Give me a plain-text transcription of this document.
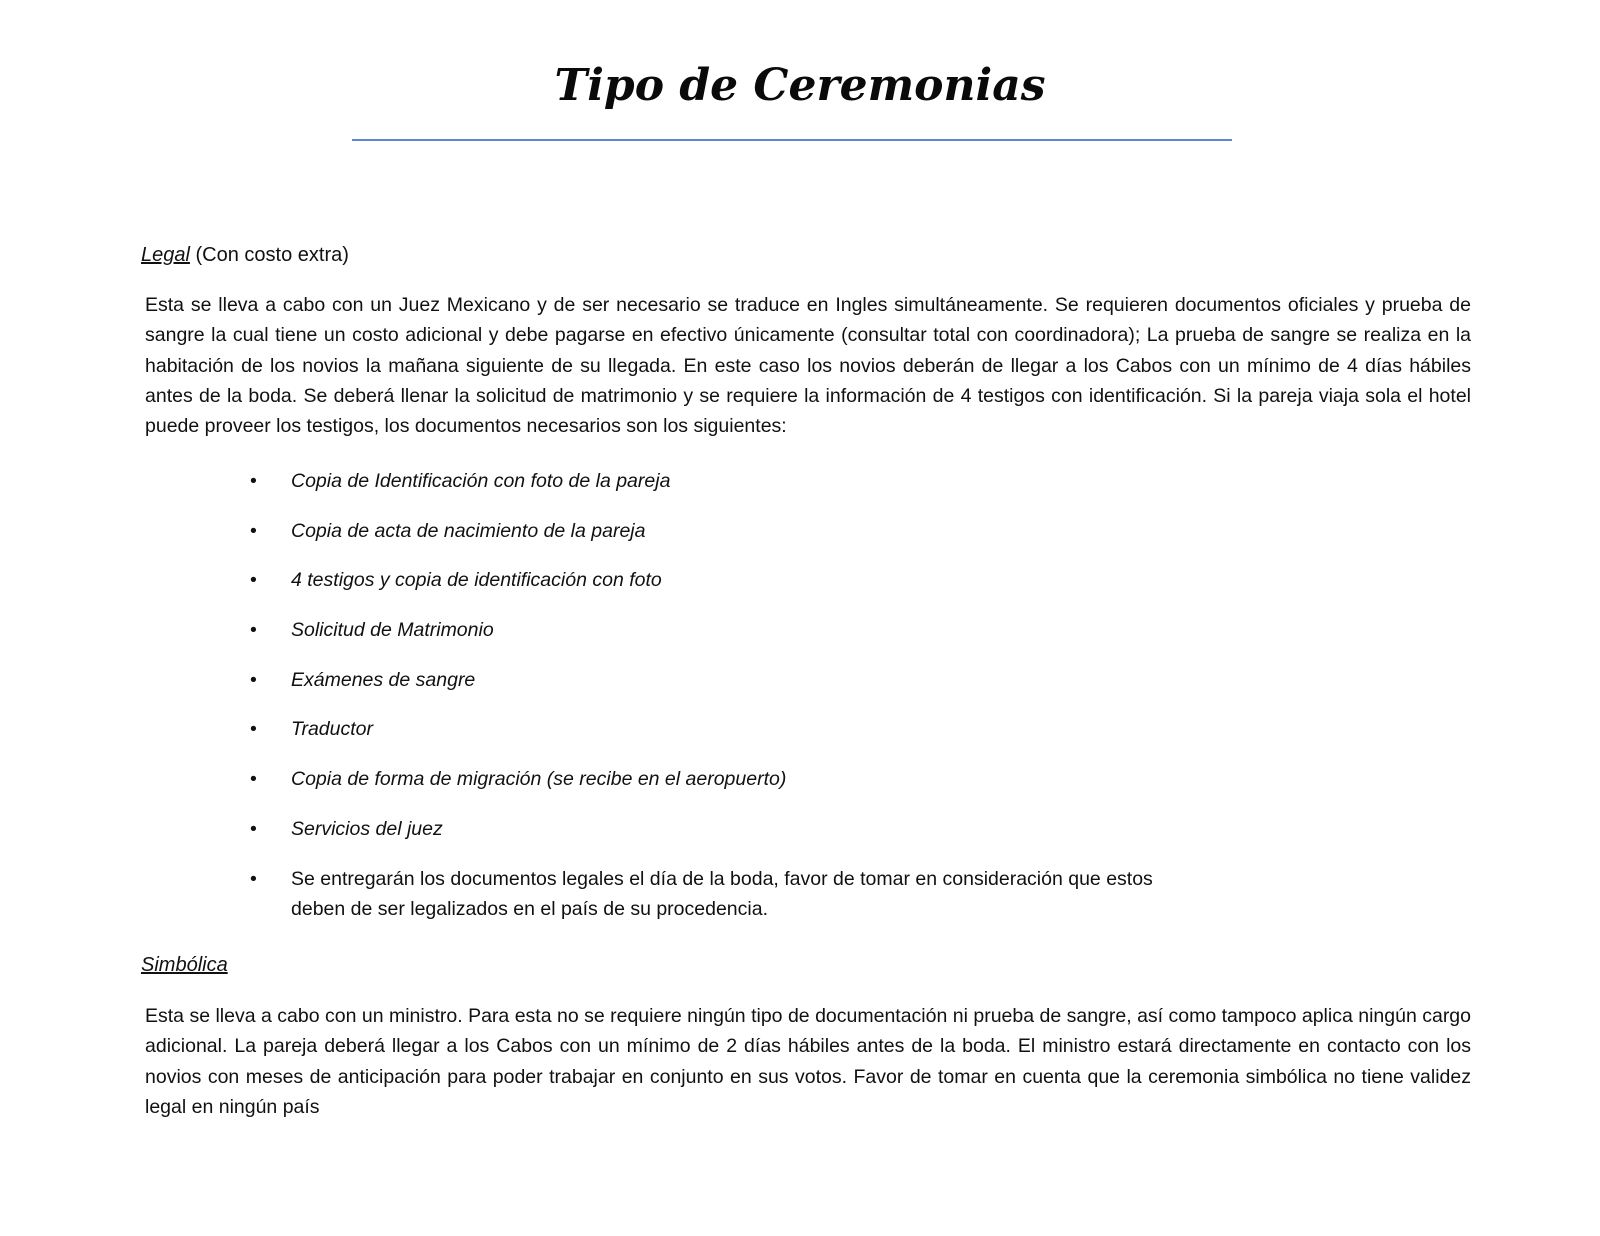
Tipo de Ceremonias
Legal (Con costo extra)
Esta se lleva a cabo con un Juez Mexicano y de ser necesario se traduce en Ingles simultáneamente. Se requieren documentos oficiales y prueba de sangre la cual tiene un costo adicional y debe pagarse en efectivo únicamente (consultar total con coordinadora); La prueba de sangre se realiza en la habitación de los novios la mañana siguiente de su llegada. En este caso los novios deberán de llegar a los Cabos con un mínimo de 4 días hábiles antes de la boda. Se deberá llenar la solicitud de matrimonio y se requiere la información de 4 testigos con identificación. Si la pareja viaja sola el hotel puede proveer los testigos, los documentos necesarios son los siguientes:
• Copia de Identificación con foto de la pareja
• Copia de acta de nacimiento de la pareja
• 4 testigos y copia de identificación con foto
• Solicitud de Matrimonio
• Exámenes de sangre
• Traductor
• Copia de forma de migración (se recibe en el aeropuerto)
• Servicios del juez
• Se entregarán los documentos legales el día de la boda, favor de tomar en consideración que estos deben de ser legalizados en el país de su procedencia.
Simbólica
Esta se lleva a cabo con un ministro. Para esta no se requiere ningún tipo de documentación ni prueba de sangre, así como tampoco aplica ningún cargo adicional. La pareja deberá llegar a los Cabos con un mínimo de 2 días hábiles antes de la boda. El ministro estará directamente en contacto con los novios con meses de anticipación para poder trabajar en conjunto en sus votos. Favor de tomar en cuenta que la ceremonia simbólica no tiene validez legal en ningún país
